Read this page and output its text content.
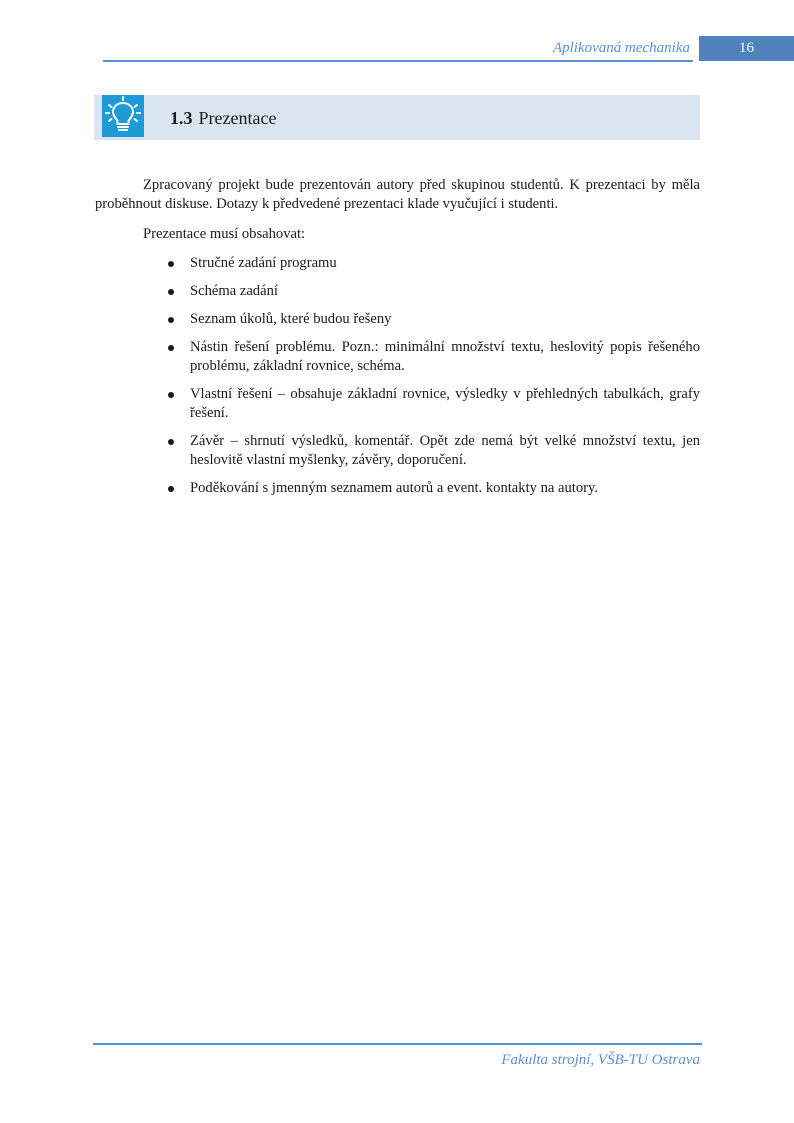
Aplikovaná mechanika	16
1.3 Prezentace

Zpracovaný projekt bude prezentován autory před skupinou studentů. K prezentaci by měla proběhnout diskuse. Dotazy k předvedené prezentaci klade vyučující i studenti.

Prezentace musí obsahovat:

Stručné zadání programu
Schéma zadání
Seznam úkolů, které budou řešeny
Nástin řešení problému. Pozn.: minimální množství textu, heslovitý popis řešeného problému, základní rovnice, schéma.
Vlastní řešení – obsahuje základní rovnice, výsledky v přehledných tabulkách, grafy řešení.
Závěr – shrnutí výsledků, komentář. Opět zde nemá být velké množství textu, jen heslovitě vlastní myšlenky, závěry, doporučení.
Poděkování s jmenným seznamem autorů a event. kontakty na autory.
Fakulta strojní, VŠB-TU Ostrava
